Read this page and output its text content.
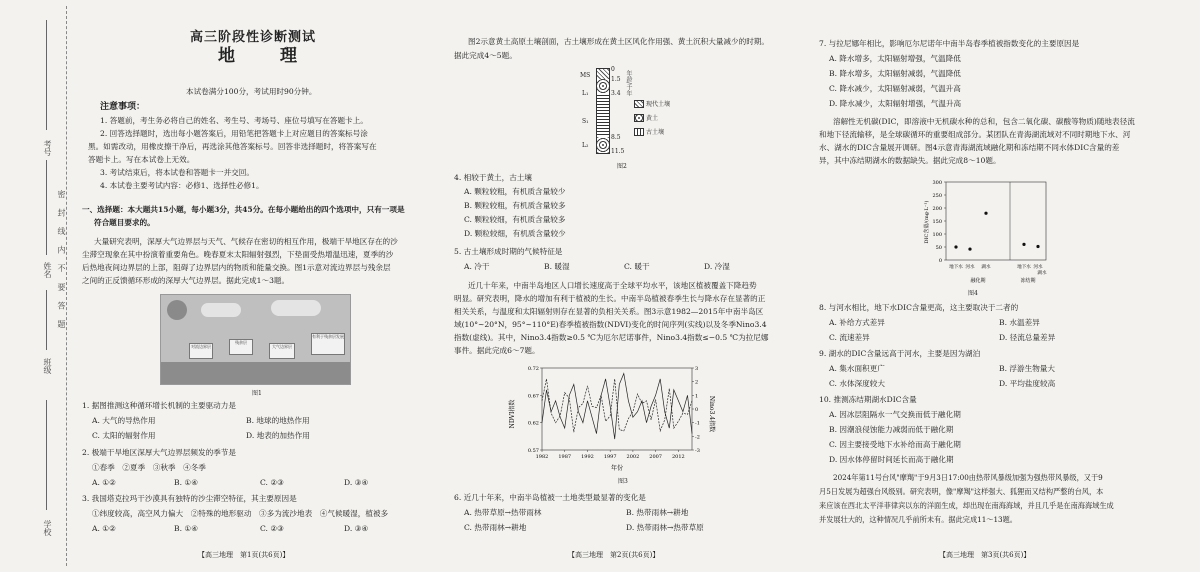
考号
姓名
班级
学校
密 封 线 内 不 要 答 题
高三阶段性诊断测试
地　理
本试卷满分100分，考试用时90分钟。
注意事项：
1. 答题前，考生务必将自己的姓名、考生号、考场号、座位号填写在答题卡上。
2. 回答选择题时，选出每小题答案后，用铅笔把答题卡上对应题目的答案标号涂
黑。如需改动，用橡皮擦干净后，再选涂其他答案标号。回答非选择题时，将答案写在
答题卡上。写在本试卷上无效。
3. 考试结束后，将本试卷和答题卡一并交回。
4. 本试卷主要考试内容：必修1、选择性必修1。
一、选择题：本大题共15小题，每小题3分，共45分。在每小题给出的四个选项中，只有一项是
符合题目要求的。
大量研究表明，深厚大气边界层与天气、气候存在密切的相互作用，极端干旱地区存在的沙
尘滞空现象在其中扮演着重要角色。晚春夏末太阳辐射强烈，下垫面受热增温迅速，夏季的沙
后热地夜间边界层的上部，阻碍了边界层内的物质和能量交换。图1示意对流边界层与残余层
之间的正反馈循环形成的深厚大气边界层。据此完成1～3题。
图1
1. 据图推测这种循环增长机制的主要驱动力是
A. 大气的导热作用	B. 地球的地热作用
C. 太阳的辐射作用	D. 地表的加热作用
2. 极端干旱地区深厚大气边界层频发的季节是
①春季　②夏季　③秋季　④冬季
A. ①②	B. ①④	C. ②③	D. ③④
3. 我国塔克拉玛干沙漠具有独特的沙尘滞空特征，其主要原因是
①纬度较高，高空风力偏大　②特殊的地形驱动　③多为流沙地表　④气候暖湿，植被多
A. ①②	B. ①④	C. ②③	D. ③④
【高三地理　第1页(共6页)】
对流边界层
残余层
大气边界层
有利于残余层发展
图2示意黄土高原土壤剖面，古土壤形成在黄土区风化作用强、黄土沉积大量减少的时期。
据此完成4～5题。
图2
4. 相较于黄土，古土壤
A. 颗粒较粗，有机质含量较少
B. 颗粒较粗，有机质含量较多
C. 颗粒较细，有机质含量较多
D. 颗粒较细，有机质含量较少
5. 古土壤形成时期的气候特征是
A. 冷干	B. 暖湿	C. 暖干	D. 冷湿
近几十年来，中南半岛地区人口增长速度高于全球平均水平，该地区植被覆盖下降趋势
明显。研究表明，降水的增加有利于植被的生长。中南半岛植被春季生长与降水存在显著的正
相关关系，与温度和太阳辐射则存在显著的负相关关系。图3示意1982—2015年中南半岛区
域(10°~20°N，95°~110°E)春季植被指数(NDVI)变化的时间序列(实线)以及冬季Nino3.4
指数(虚线)。其中，Nino3.4指数≥0.5 ℃为厄尔尼诺事件，Nino3.4指数≤−0.5 ℃为拉尼娜
事件。据此完成6～7题。
图3
6. 近几十年来，中南半岛植被一土地类型最显著的变化是
A. 热带草原→热带雨林	B. 热带雨林→耕地
C. 热带雨林→耕地	D. 热带雨林→热带草原
【高三地理　第2页(共6页)】
MS
L₁
S₁
L₂
0
1.5
3.4
8.5
11.5
年龄/千年
现代土壤
黄土
古土壤
0.57
0.62
0.67
0.72
-3
-2
-1
0
1
2
3
1982 1987 1992 1997 2002 2007 2012
NDVI指数	Nino3.4指数
年份
7. 与拉尼娜年相比，影响厄尔尼诺年中南半岛春季植被指数变化的主要原因是
A. 降水增多，太阳辐射增强，气温降低
B. 降水增多，太阳辐射减弱，气温降低
C. 降水减少，太阳辐射减弱，气温升高
D. 降水减少，太阳辐射增强，气温升高
溶解性无机碳(DIC，即溶液中无机碳水种的总和，包含二氧化碳、碳酸等物质)随地表径流
和地下径流输移，是全球碳循环的重要组成部分。某团队在青海湖流域对不同时期地下水、河
水、湖水的DIC含量展开调研。图4示意青海湖流域融化期和冻结期不同水体DIC含量的差
异，其中冻结期湖水的数据缺失。据此完成8～10题。
图4
8. 与河水相比，地下水DIC含量更高，这主要取决于二者的
A. 补给方式差异	B. 水温差异
C. 流速差异	D. 径流总量差异
9. 湖水的DIC含量远高于河水，主要是因为湖泊
A. 集水面积更广	B. 浮游生物量大
C. 水体深度较大	D. 平均盐度较高
10. 推测冻结期湖水DIC含量
A. 因冰层阻隔水一气交换而低于融化期
B. 因潮浪侵蚀能力减弱而低于融化期
C. 因主要接受地下水补给而高于融化期
D. 因水体停留时间延长而高于融化期
2024年第11号台风"摩羯"于9月3日17:00由热带风暴级加强为强热带风暴级，又于9
月5日发展为超强台风级别。研究表明，像"摩羯"这样强大、狐狸而又结构严整的台风，本
来应该在西北太平洋菲律宾以东的洋面生成，却出现在南海海域，并且几乎是在南海海域生成
并发展壮大的，这种情况几乎前所未有。据此完成11～13题。
【高三地理　第3页(共6页)】
0
50
100
150
200
250
300
地下水 河水 湖水	地下水 河水
湖水
DIC含量/(mg·L⁻¹)
融化期	冻结期
